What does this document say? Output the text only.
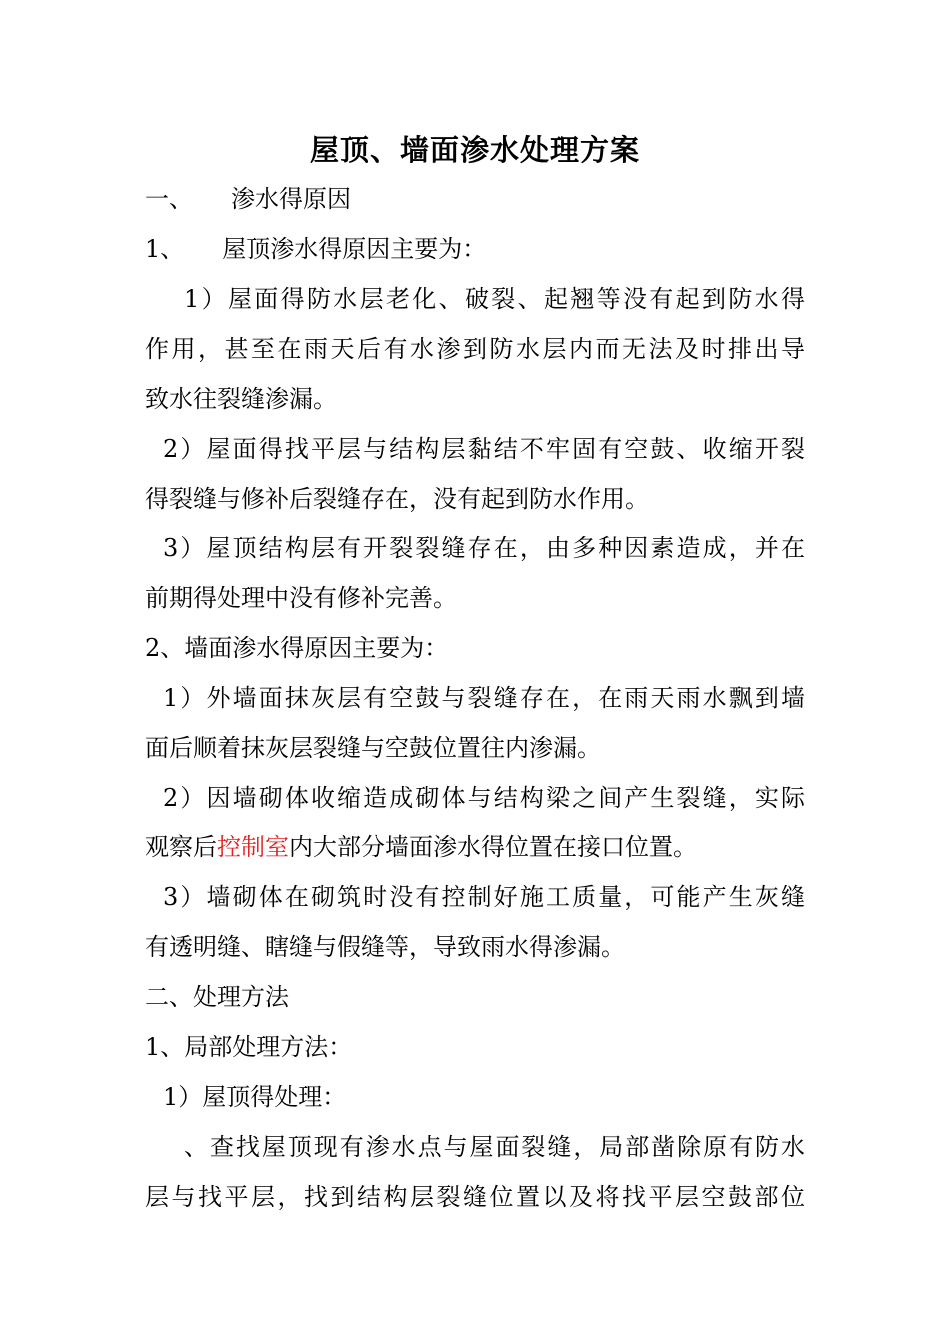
屋顶、墙面渗水处理方案
一、 渗水得原因
1、 屋顶渗水得原因主要为：
1）屋面得防水层老化、破裂、起翘等没有起到防水得
作用，甚至在雨天后有水渗到防水层内而无法及时排出导
致水往裂缝渗漏。
2）屋面得找平层与结构层黏结不牢固有空鼓、收缩开裂
得裂缝与修补后裂缝存在，没有起到防水作用。
3）屋顶结构层有开裂裂缝存在，由多种因素造成，并在
前期得处理中没有修补完善。
2、墙面渗水得原因主要为：
1）外墙面抹灰层有空鼓与裂缝存在，在雨天雨水飘到墙
面后顺着抹灰层裂缝与空鼓位置往内渗漏。
2）因墙砌体收缩造成砌体与结构梁之间产生裂缝，实际
观察后控制室内大部分墙面渗水得位置在接口位置。
3）墙砌体在砌筑时没有控制好施工质量，可能产生灰缝
有透明缝、瞎缝与假缝等，导致雨水得渗漏。
二、处理方法
1、局部处理方法：
1）屋顶得处理：
、查找屋顶现有渗水点与屋面裂缝，局部凿除原有防水
层与找平层，找到结构层裂缝位置以及将找平层空鼓部位
